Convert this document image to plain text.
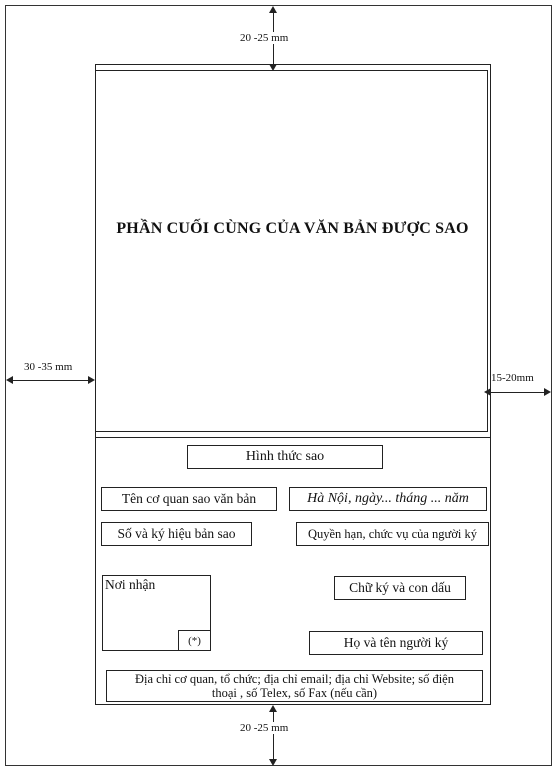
PHẦN CUỐI CÙNG CỦA VĂN BẢN ĐƯỢC SAO
20 -25 mm
30 -35 mm
15-20mm
20 -25 mm
Hình thức sao
Tên cơ quan sao văn bản	Hà Nội, ngày... tháng ... năm
Số và ký hiệu bản sao	Quyền hạn, chức vụ của người ký
Nơi nhận
(*)
Chữ ký và con dấu
Họ và tên người ký
Địa chỉ cơ quan, tổ chức; địa chỉ email; địa chỉ Website; số điện
thoại , số Telex, số Fax (nếu cần)
